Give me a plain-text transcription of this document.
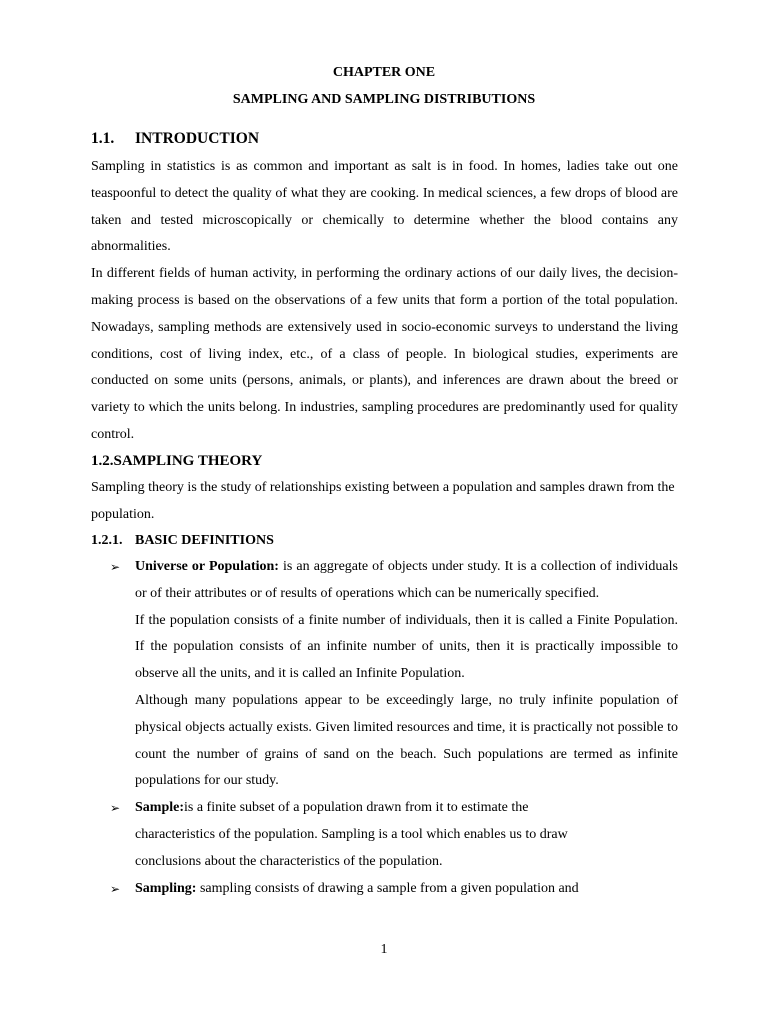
CHAPTER ONE
SAMPLING AND SAMPLING DISTRIBUTIONS
1.1. INTRODUCTION

Sampling in statistics is as common and important as salt is in food. In homes, ladies take out one teaspoonful to detect the quality of what they are cooking. In medical sciences, a few drops of blood are taken and tested microscopically or chemically to determine whether the blood contains any abnormalities.

In different fields of human activity, in performing the ordinary actions of our daily lives, the decision-making process is based on the observations of a few units that form a portion of the total population. Nowadays, sampling methods are extensively used in socio-economic surveys to understand the living conditions, cost of living index, etc., of a class of people. In biological studies, experiments are conducted on some units (persons, animals, or plants), and inferences are drawn about the breed or variety to which the units belong. In industries, sampling procedures are predominantly used for quality control.

1.2.SAMPLING THEORY

Sampling theory is the study of relationships existing between a population and samples drawn from the population.

1.2.1. BASIC DEFINITIONS
➢ Universe or Population: is an aggregate of objects under study. It is a collection of individuals or of their attributes or of results of operations which can be numerically specified.

If the population consists of a finite number of individuals, then it is called a Finite Population. If the population consists of an infinite number of units, then it is practically impossible to observe all the units, and it is called an Infinite Population.

Although many populations appear to be exceedingly large, no truly infinite population of physical objects actually exists. Given limited resources and time, it is practically not possible to count the number of grains of sand on the beach. Such populations are termed as infinite populations for our study.

➢ Sample:is a finite subset of a population drawn from it to estimate the characteristics of the population. Sampling is a tool which enables us to draw conclusions about the characteristics of the population.

➢ Sampling: sampling consists of drawing a sample from a given population and

1
